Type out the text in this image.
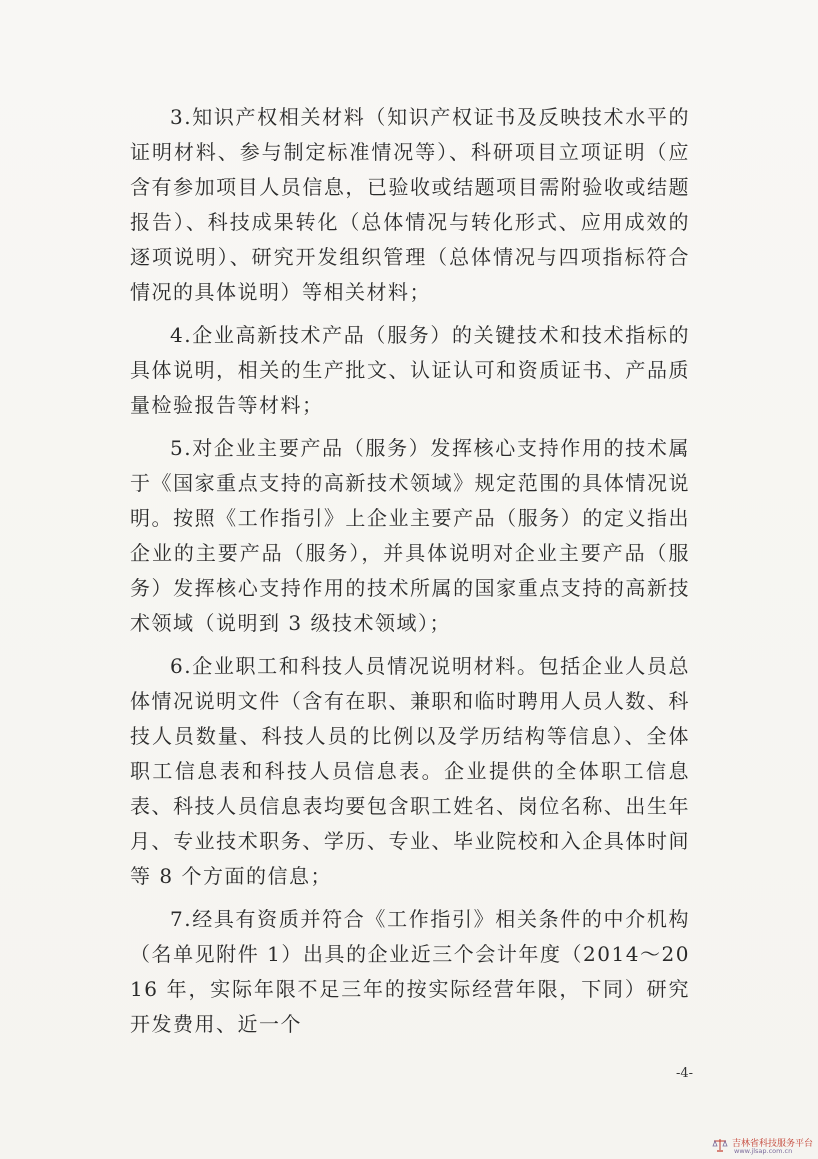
3.知识产权相关材料（知识产权证书及反映技术水平的证明材料、参与制定标准情况等）、科研项目立项证明（应含有参加项目人员信息，已验收或结题项目需附验收或结题报告）、科技成果转化（总体情况与转化形式、应用成效的逐项说明）、研究开发组织管理（总体情况与四项指标符合情况的具体说明）等相关材料；

4.企业高新技术产品（服务）的关键技术和技术指标的具体说明，相关的生产批文、认证认可和资质证书、产品质量检验报告等材料；

5.对企业主要产品（服务）发挥核心支持作用的技术属于《国家重点支持的高新技术领域》规定范围的具体情况说明。按照《工作指引》上企业主要产品（服务）的定义指出企业的主要产品（服务），并具体说明对企业主要产品（服务）发挥核心支持作用的技术所属的国家重点支持的高新技术领域（说明到 3 级技术领域）；

6.企业职工和科技人员情况说明材料。包括企业人员总体情况说明文件（含有在职、兼职和临时聘用人员人数、科技人员数量、科技人员的比例以及学历结构等信息）、全体职工信息表和科技人员信息表。企业提供的全体职工信息表、科技人员信息表均要包含职工姓名、岗位名称、出生年月、专业技术职务、学历、专业、毕业院校和入企具体时间等 8 个方面的信息；

7.经具有资质并符合《工作指引》相关条件的中介机构（名单见附件 1）出具的企业近三个会计年度（2014～2016 年，实际年限不足三年的按实际经营年限，下同）研究开发费用、近一个

-4-
吉林省科技服务平台
www.jlsap.com.cn
